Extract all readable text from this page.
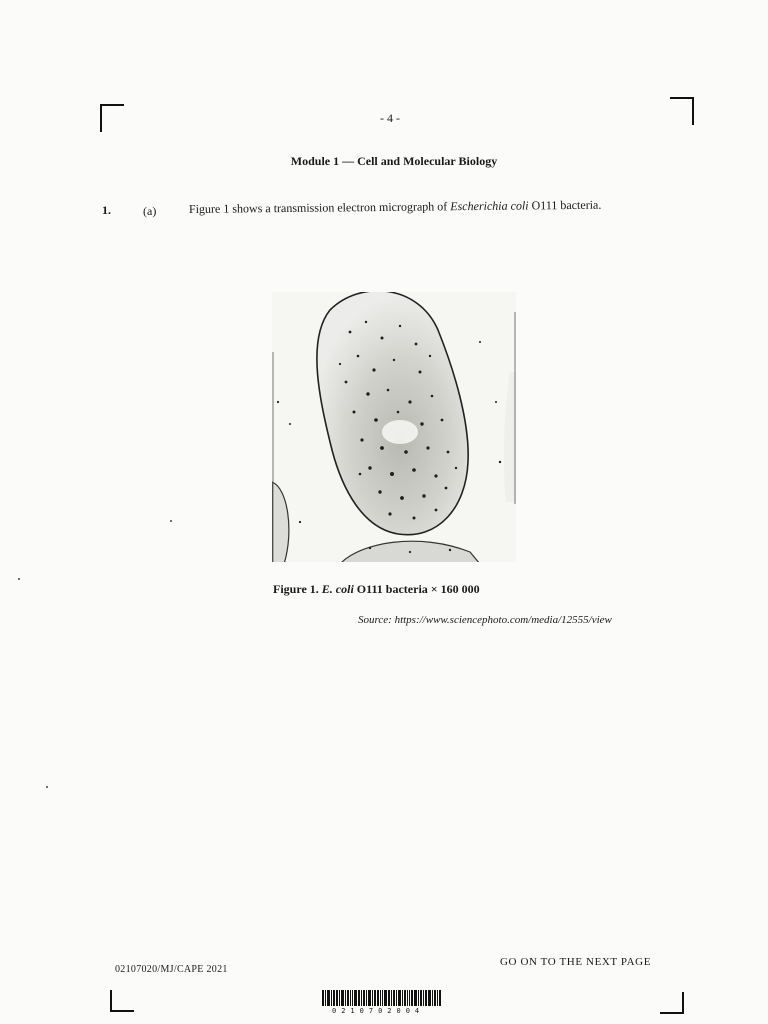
- 4 -
Module 1 — Cell and Molecular Biology
1.	(a)	Figure 1 shows a transmission electron micrograph of Escherichia coli O111 bacteria.
Figure 1. E. coli O111 bacteria × 160 000
Source: https://www.sciencephoto.com/media/12555/view
02107020/MJ/CAPE 2021
GO ON TO THE NEXT PAGE
0210702004
